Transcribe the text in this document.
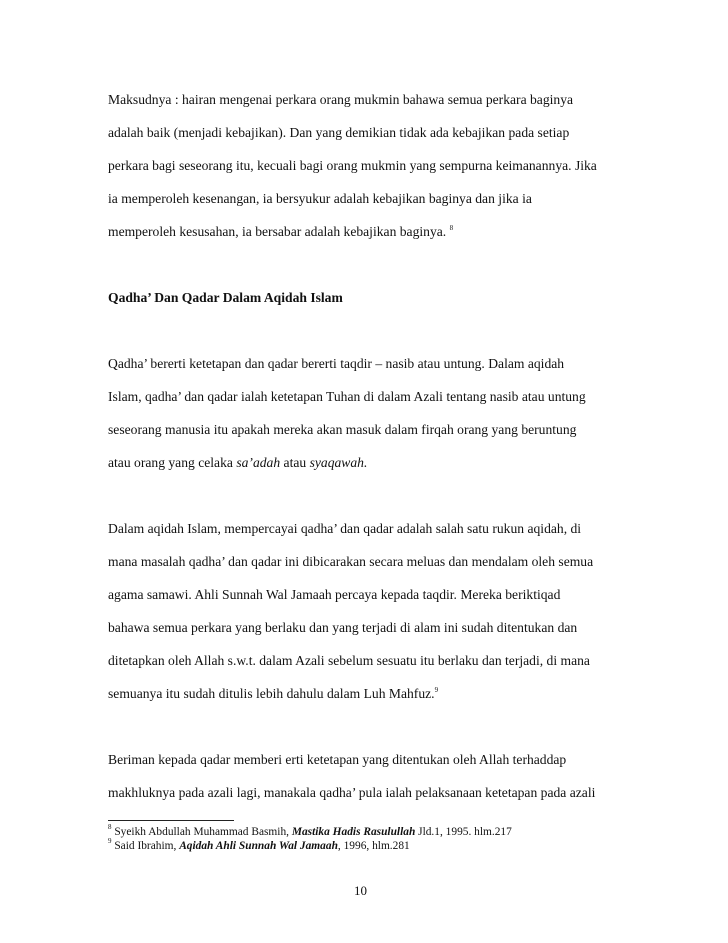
Maksudnya : hairan mengenai perkara orang mukmin bahawa semua perkara baginya
adalah baik (menjadi kebajikan). Dan yang demikian tidak ada kebajikan pada setiap
perkara bagi seseorang itu, kecuali bagi orang mukmin yang sempurna keimanannya. Jika
ia memperoleh kesenangan, ia bersyukur adalah kebajikan baginya dan jika ia
memperoleh kesusahan, ia bersabar adalah kebajikan baginya. $^8$
Qadha’ Dan Qadar Dalam Aqidah Islam
Qadha’ bererti ketetapan dan qadar bererti taqdir – nasib atau untung. Dalam aqidah
Islam, qadha’ dan qadar ialah ketetapan Tuhan di dalam Azali tentang nasib atau untung
seseorang manusia itu apakah mereka akan masuk dalam firqah orang yang beruntung
atau orang yang celaka sa’adah atau syaqawah.
Dalam aqidah Islam, mempercayai qadha’ dan qadar adalah salah satu rukun aqidah, di
mana masalah qadha’ dan qadar ini dibicarakan secara meluas dan mendalam oleh semua
agama samawi. Ahli Sunnah Wal Jamaah percaya kepada taqdir. Mereka beriktiqad
bahawa semua perkara yang berlaku dan yang terjadi di alam ini sudah ditentukan dan
ditetapkan oleh Allah s.w.t. dalam Azali sebelum sesuatu itu berlaku dan terjadi, di mana
semuanya itu sudah ditulis lebih dahulu dalam Luh Mahfuz.$^9$
Beriman kepada qadar memberi erti ketetapan yang ditentukan oleh Allah terhaddap
makhluknya pada azali lagi, manakala qadha’ pula ialah pelaksanaan ketetapan pada azali
$^8$ Syeikh Abdullah Muhammad Basmih, Mastika Hadis Rasulullah Jld.1, 1995. hlm.217
$^9$ Said Ibrahim, Aqidah Ahli Sunnah Wal Jamaah, 1996, hlm.281
10
